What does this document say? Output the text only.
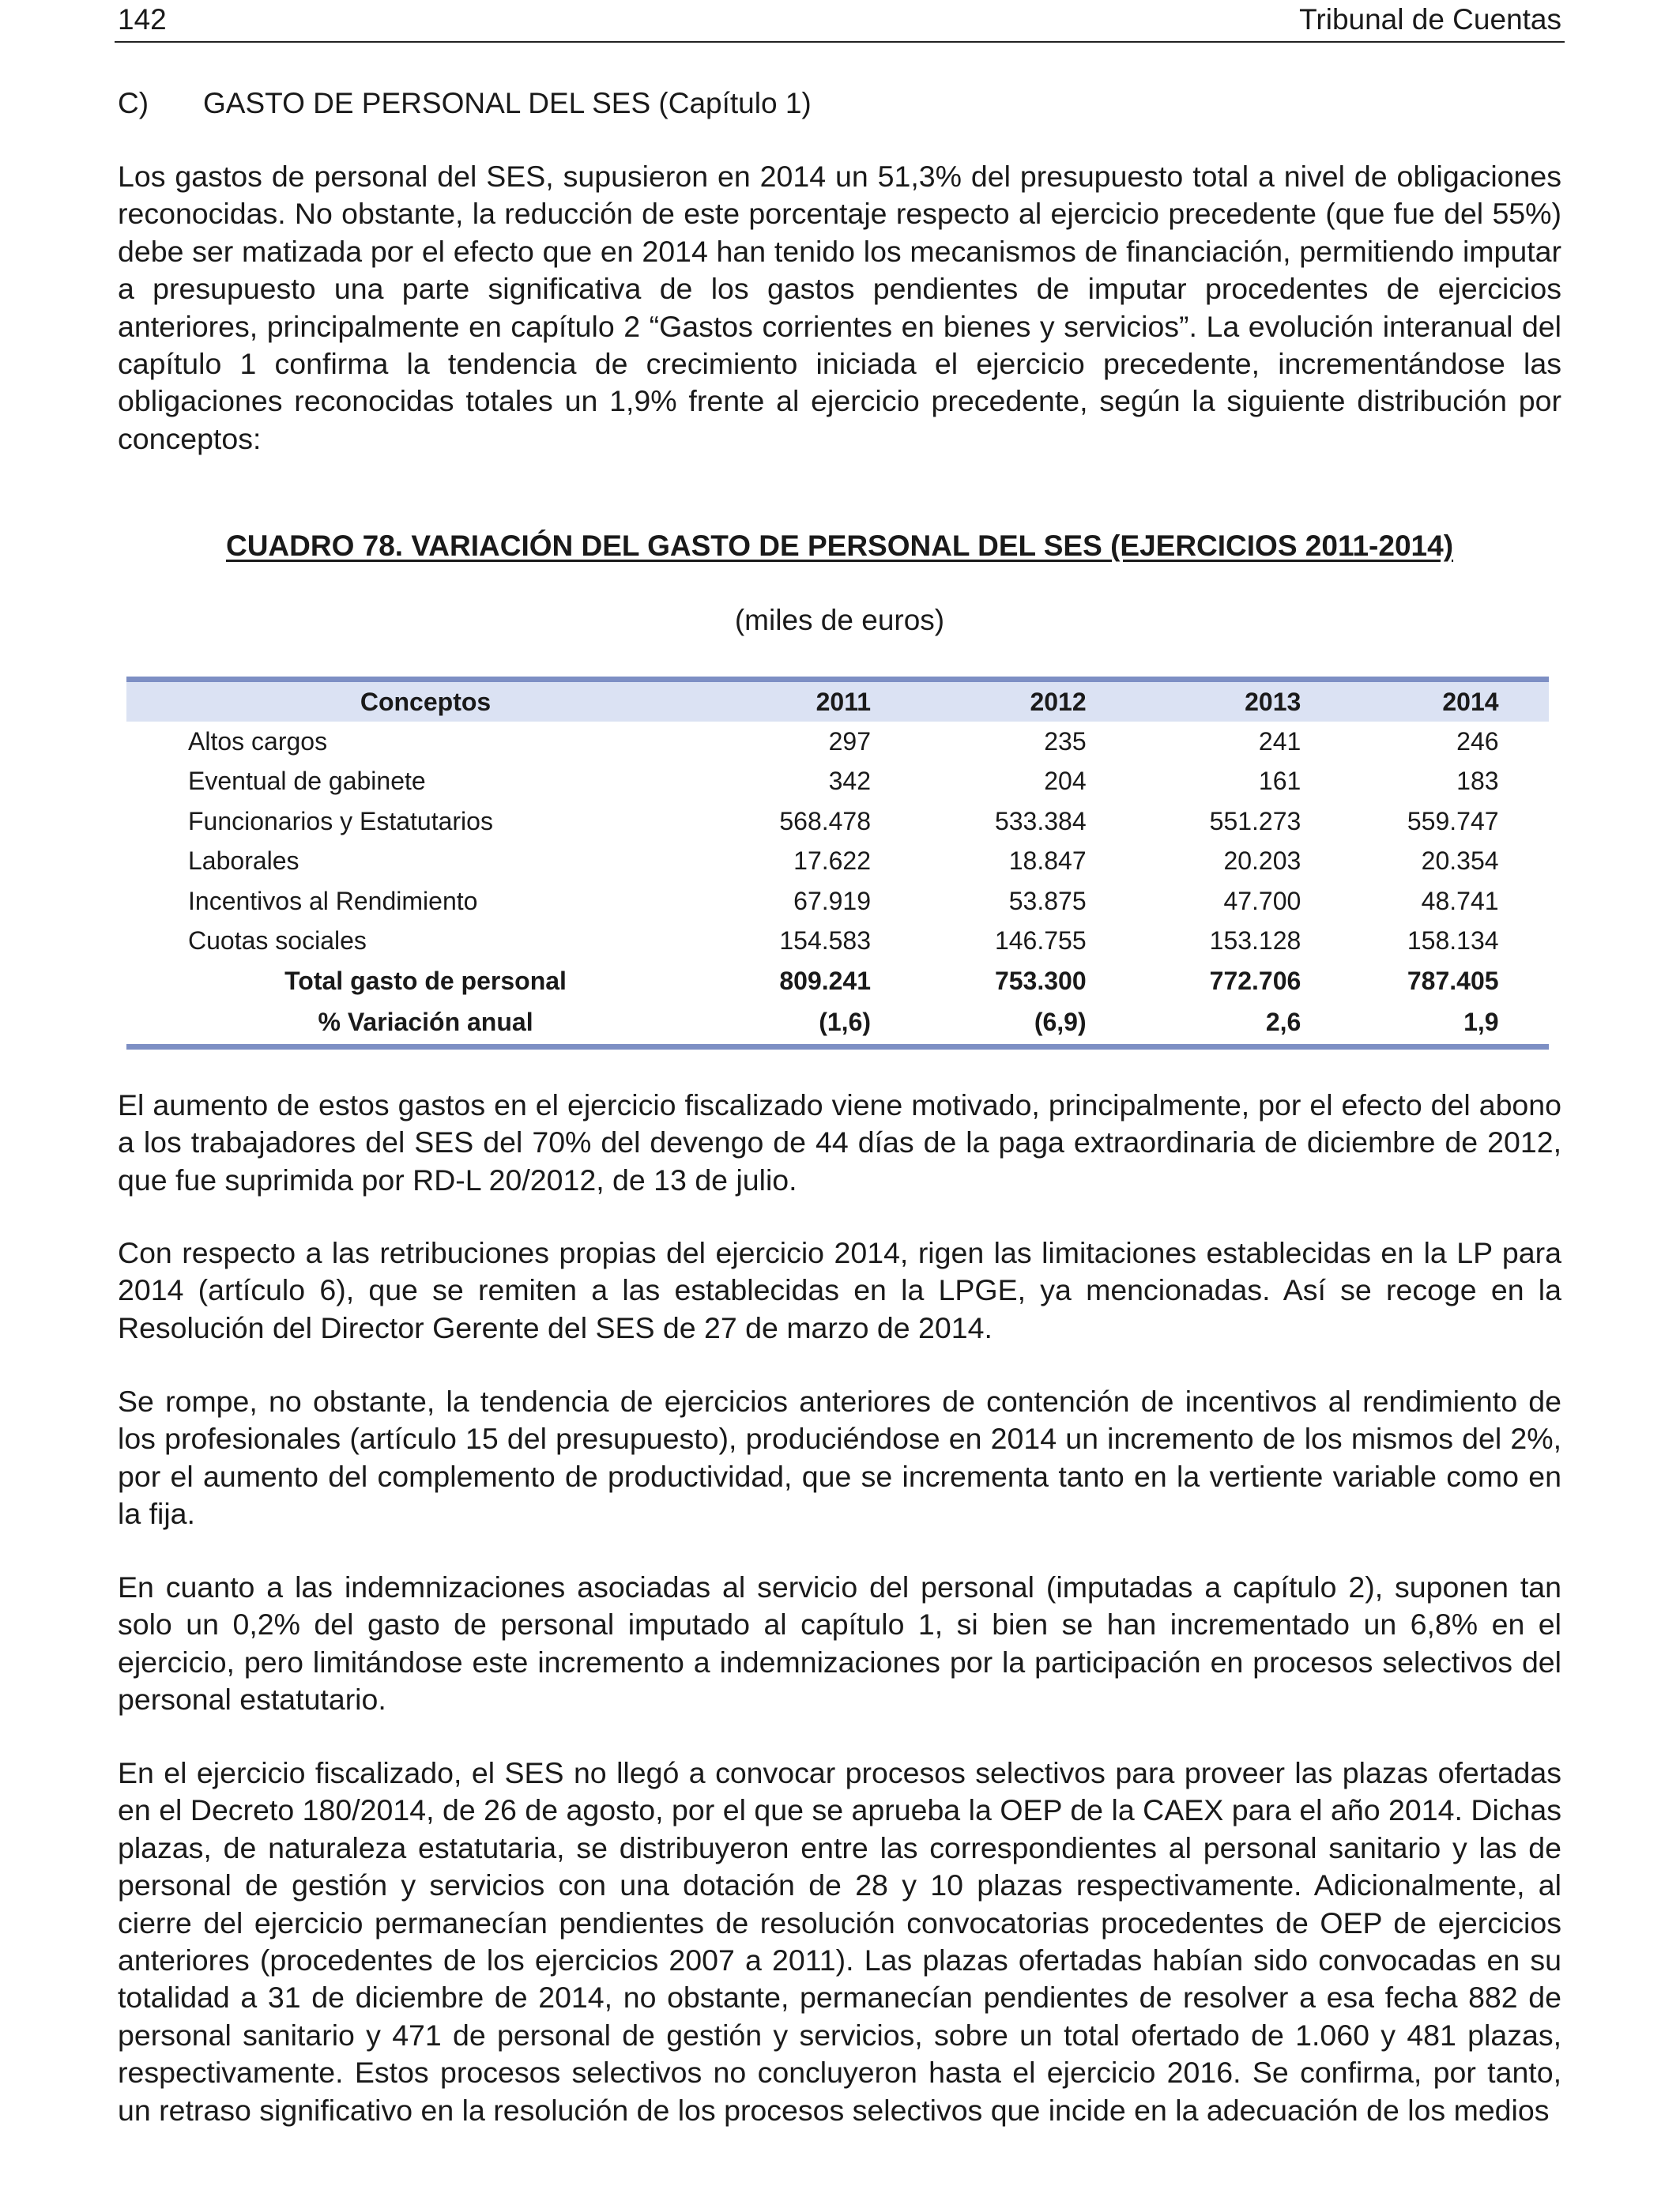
142	Tribunal de Cuentas
C) GASTO DE PERSONAL DEL SES (Capítulo 1)

Los gastos de personal del SES, supusieron en 2014 un 51,3% del presupuesto total a nivel de obligaciones reconocidas. No obstante, la reducción de este porcentaje respecto al ejercicio precedente (que fue del 55%) debe ser matizada por el efecto que en 2014 han tenido los mecanismos de financiación, permitiendo imputar a presupuesto una parte significativa de los gastos pendientes de imputar procedentes de ejercicios anteriores, principalmente en capítulo 2 “Gastos corrientes en bienes y servicios”. La evolución interanual del capítulo 1 confirma la tendencia de crecimiento iniciada el ejercicio precedente, incrementándose las obligaciones reconocidas totales un 1,9% frente al ejercicio precedente, según la siguiente distribución por conceptos:

CUADRO 78. VARIACIÓN DEL GASTO DE PERSONAL DEL SES (EJERCICIOS 2011-2014)
(miles de euros)
Conceptos	2011	2012	2013	2014	
Altos cargos	297	235	241	246	
Eventual de gabinete	342	204	161	183	
Funcionarios y Estatutarios	568.478	533.384	551.273	559.747	
Laborales	17.622	18.847	20.203	20.354	
Incentivos al Rendimiento	67.919	53.875	47.700	48.741	
Cuotas sociales	154.583	146.755	153.128	158.134	
Total gasto de personal	809.241	753.300	772.706	787.405	
% Variación anual	(1,6)	(6,9)	2,6	1,9	

El aumento de estos gastos en el ejercicio fiscalizado viene motivado, principalmente, por el efecto del abono a los trabajadores del SES del 70% del devengo de 44 días de la paga extraordinaria de diciembre de 2012, que fue suprimida por RD-L 20/2012, de 13 de julio.

Con respecto a las retribuciones propias del ejercicio 2014, rigen las limitaciones establecidas en la LP para 2014 (artículo 6), que se remiten a las establecidas en la LPGE, ya mencionadas. Así se recoge en la Resolución del Director Gerente del SES de 27 de marzo de 2014.

Se rompe, no obstante, la tendencia de ejercicios anteriores de contención de incentivos al rendimiento de los profesionales (artículo 15 del presupuesto), produciéndose en 2014 un incremento de los mismos del 2%, por el aumento del complemento de productividad, que se incrementa tanto en la vertiente variable como en la fija.

En cuanto a las indemnizaciones asociadas al servicio del personal (imputadas a capítulo 2), suponen tan solo un 0,2% del gasto de personal imputado al capítulo 1, si bien se han incrementado un 6,8% en el ejercicio, pero limitándose este incremento a indemnizaciones por la participación en procesos selectivos del personal estatutario.

En el ejercicio fiscalizado, el SES no llegó a convocar procesos selectivos para proveer las plazas ofertadas en el Decreto 180/2014, de 26 de agosto, por el que se aprueba la OEP de la CAEX para el año 2014. Dichas plazas, de naturaleza estatutaria, se distribuyeron entre las correspondientes al personal sanitario y las de personal de gestión y servicios con una dotación de 28 y 10 plazas respectivamente. Adicionalmente, al cierre del ejercicio permanecían pendientes de resolución convocatorias procedentes de OEP de ejercicios anteriores (procedentes de los ejercicios 2007 a 2011). Las plazas ofertadas habían sido convocadas en su totalidad a 31 de diciembre de 2014, no obstante, permanecían pendientes de resolver a esa fecha 882 de personal sanitario y 471 de personal de gestión y servicios, sobre un total ofertado de 1.060 y 481 plazas, respectivamente. Estos procesos selectivos no concluyeron hasta el ejercicio 2016. Se confirma, por tanto, un retraso significativo en la resolución de los procesos selectivos que incide en la adecuación de los medios
